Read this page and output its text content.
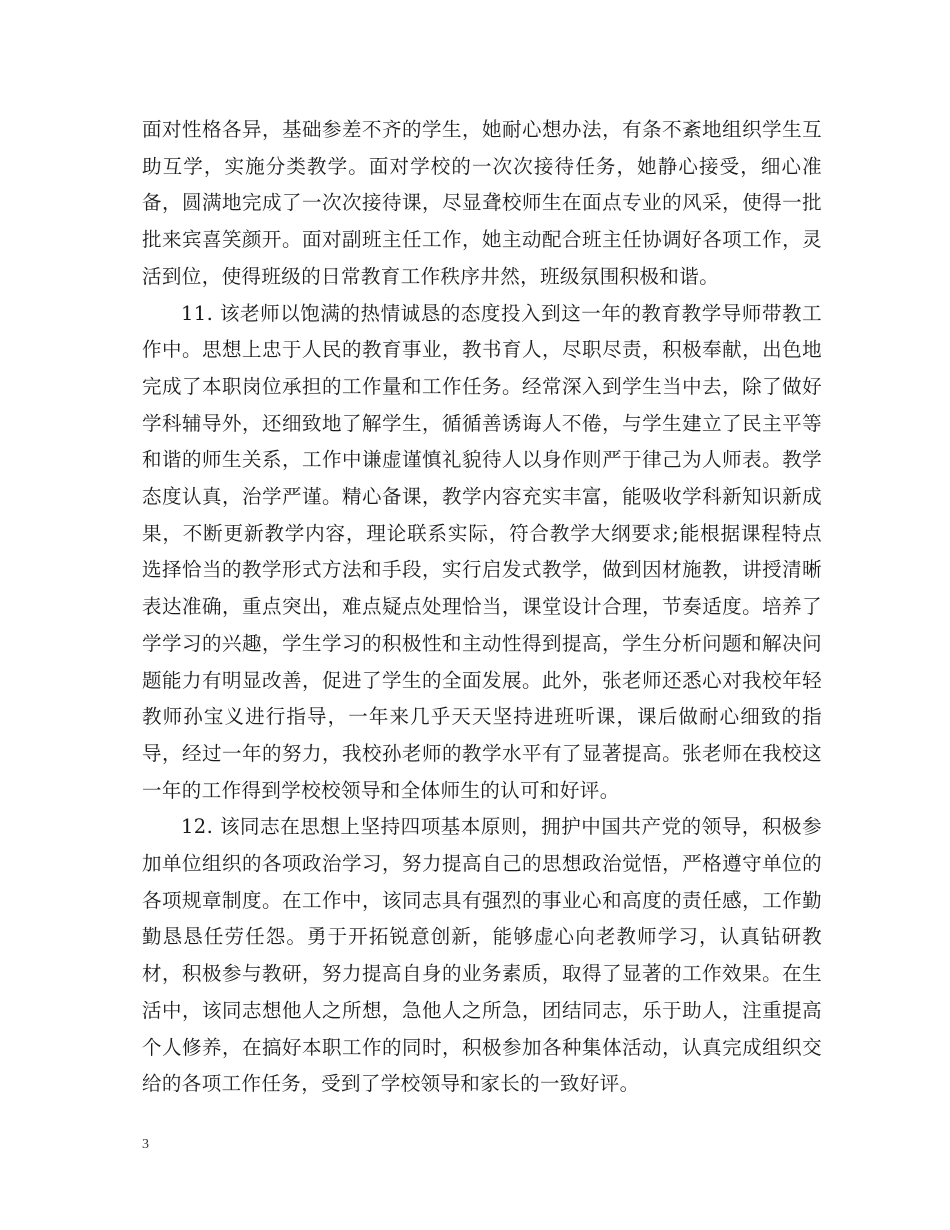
面对性格各异，基础参差不齐的学生，她耐心想办法，有条不紊地组织学生互助互学，实施分类教学。面对学校的一次次接待任务，她静心接受，细心准备，圆满地完成了一次次接待课，尽显聋校师生在面点专业的风采，使得一批批来宾喜笑颜开。面对副班主任工作，她主动配合班主任协调好各项工作，灵活到位，使得班级的日常教育工作秩序井然，班级氛围积极和谐。

11. 该老师以饱满的热情诚恳的态度投入到这一年的教育教学导师带教工作中。思想上忠于人民的教育事业，教书育人，尽职尽责，积极奉献，出色地完成了本职岗位承担的工作量和工作任务。经常深入到学生当中去，除了做好学科辅导外，还细致地了解学生，循循善诱诲人不倦，与学生建立了民主平等和谐的师生关系，工作中谦虚谨慎礼貌待人以身作则严于律己为人师表。教学态度认真，治学严谨。精心备课，教学内容充实丰富，能吸收学科新知识新成果，不断更新教学内容，理论联系实际，符合教学大纲要求;能根据课程特点选择恰当的教学形式方法和手段，实行启发式教学，做到因材施教，讲授清晰表达准确，重点突出，难点疑点处理恰当，课堂设计合理，节奏适度。培养了学学习的兴趣，学生学习的积极性和主动性得到提高，学生分析问题和解决问题能力有明显改善，促进了学生的全面发展。此外，张老师还悉心对我校年轻教师孙宝义进行指导，一年来几乎天天坚持进班听课，课后做耐心细致的指导，经过一年的努力，我校孙老师的教学水平有了显著提高。张老师在我校这一年的工作得到学校校领导和全体师生的认可和好评。

12. 该同志在思想上坚持四项基本原则，拥护中国共产党的领导，积极参加单位组织的各项政治学习，努力提高自己的思想政治觉悟，严格遵守单位的各项规章制度。在工作中，该同志具有强烈的事业心和高度的责任感，工作勤勤恳恳任劳任怨。勇于开拓锐意创新，能够虚心向老教师学习，认真钻研教材，积极参与教研，努力提高自身的业务素质，取得了显著的工作效果。在生活中，该同志想他人之所想，急他人之所急，团结同志，乐于助人，注重提高个人修养，在搞好本职工作的同时，积极参加各种集体活动，认真完成组织交给的各项工作任务，受到了学校领导和家长的一致好评。

3
